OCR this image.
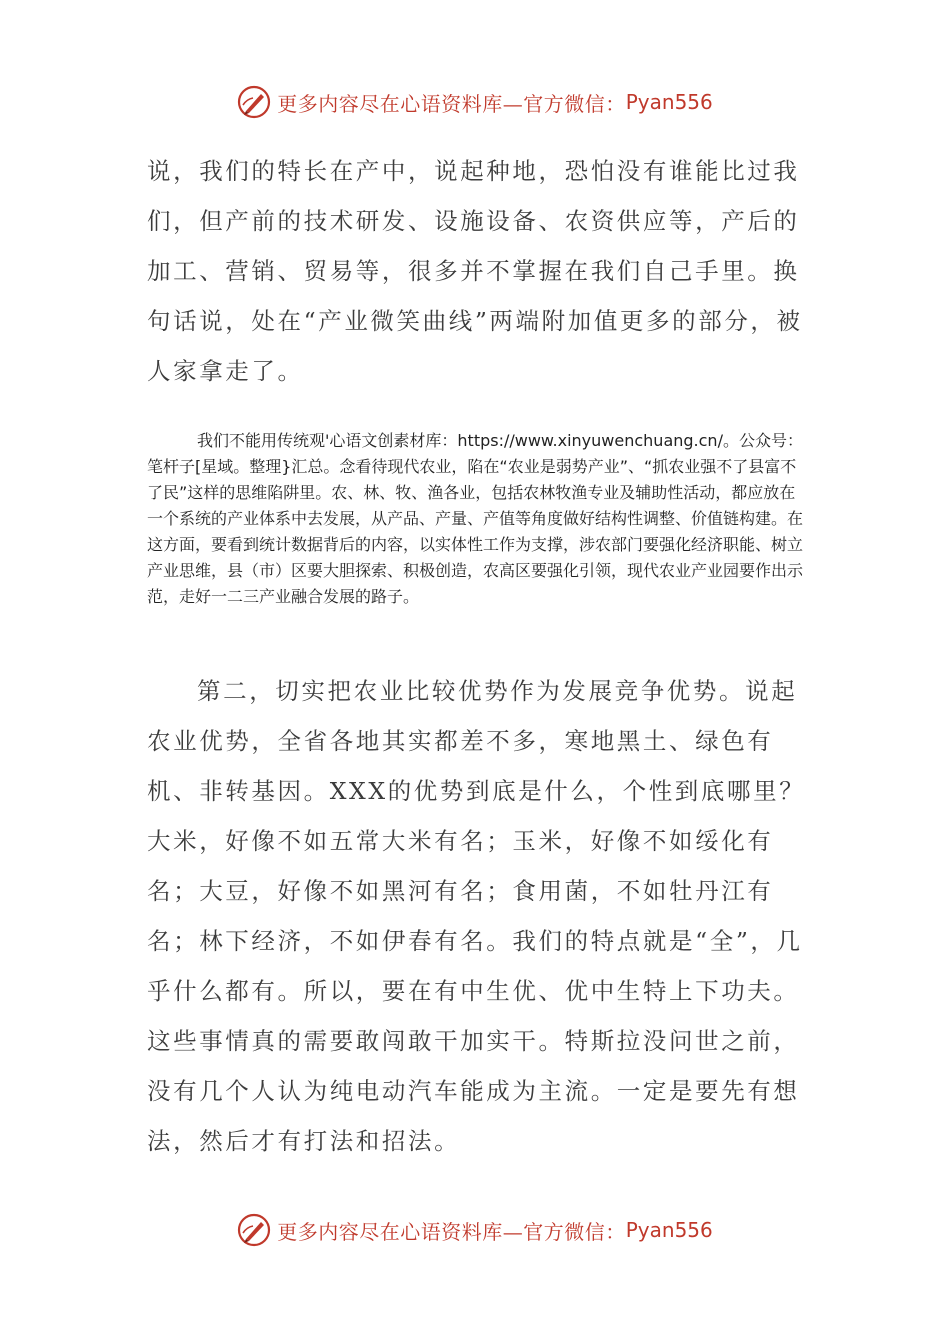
更多内容尽在心语资料库—官方微信： Pyan556

说，我们的特长在产中，说起种地，恐怕没有谁能比过我们，但产前的技术研发、设施设备、农资供应等，产后的加工、营销、贸易等，很多并不掌握在我们自己手里。换句话说，处在“产业微笑曲线”两端附加值更多的部分，被人家拿走了。

我们不能用传统观'心语文创素材库：https://www.xinyuwenchuang.cn/。公众号：笔杆子[星域。整理}汇总。念看待现代农业，陷在“农业是弱势产业”、“抓农业强不了县富不了民”这样的思维陷阱里。农、林、牧、渔各业，包括农林牧渔专业及辅助性活动，都应放在一个系统的产业体系中去发展，从产品、产量、产值等角度做好结构性调整、价值链构建。在这方面，要看到统计数据背后的内容，以实体性工作为支撑，涉农部门要强化经济职能、树立产业思维，县（市）区要大胆探索、积极创造，农高区要强化引领，现代农业产业园要作出示范，走好一二三产业融合发展的路子。

第二，切实把农业比较优势作为发展竞争优势。说起农业优势，全省各地其实都差不多，寒地黑土、绿色有机、非转基因。XXX的优势到底是什么，个性到底哪里？大米，好像不如五常大米有名；玉米，好像不如绥化有名；大豆，好像不如黑河有名；食用菌，不如牡丹江有名；林下经济，不如伊春有名。我们的特点就是“全”，几乎什么都有。所以，要在有中生优、优中生特上下功夫。这些事情真的需要敢闯敢干加实干。特斯拉没问世之前，没有几个人认为纯电动汽车能成为主流。一定是要先有想法，然后才有打法和招法。

更多内容尽在心语资料库—官方微信： Pyan556
